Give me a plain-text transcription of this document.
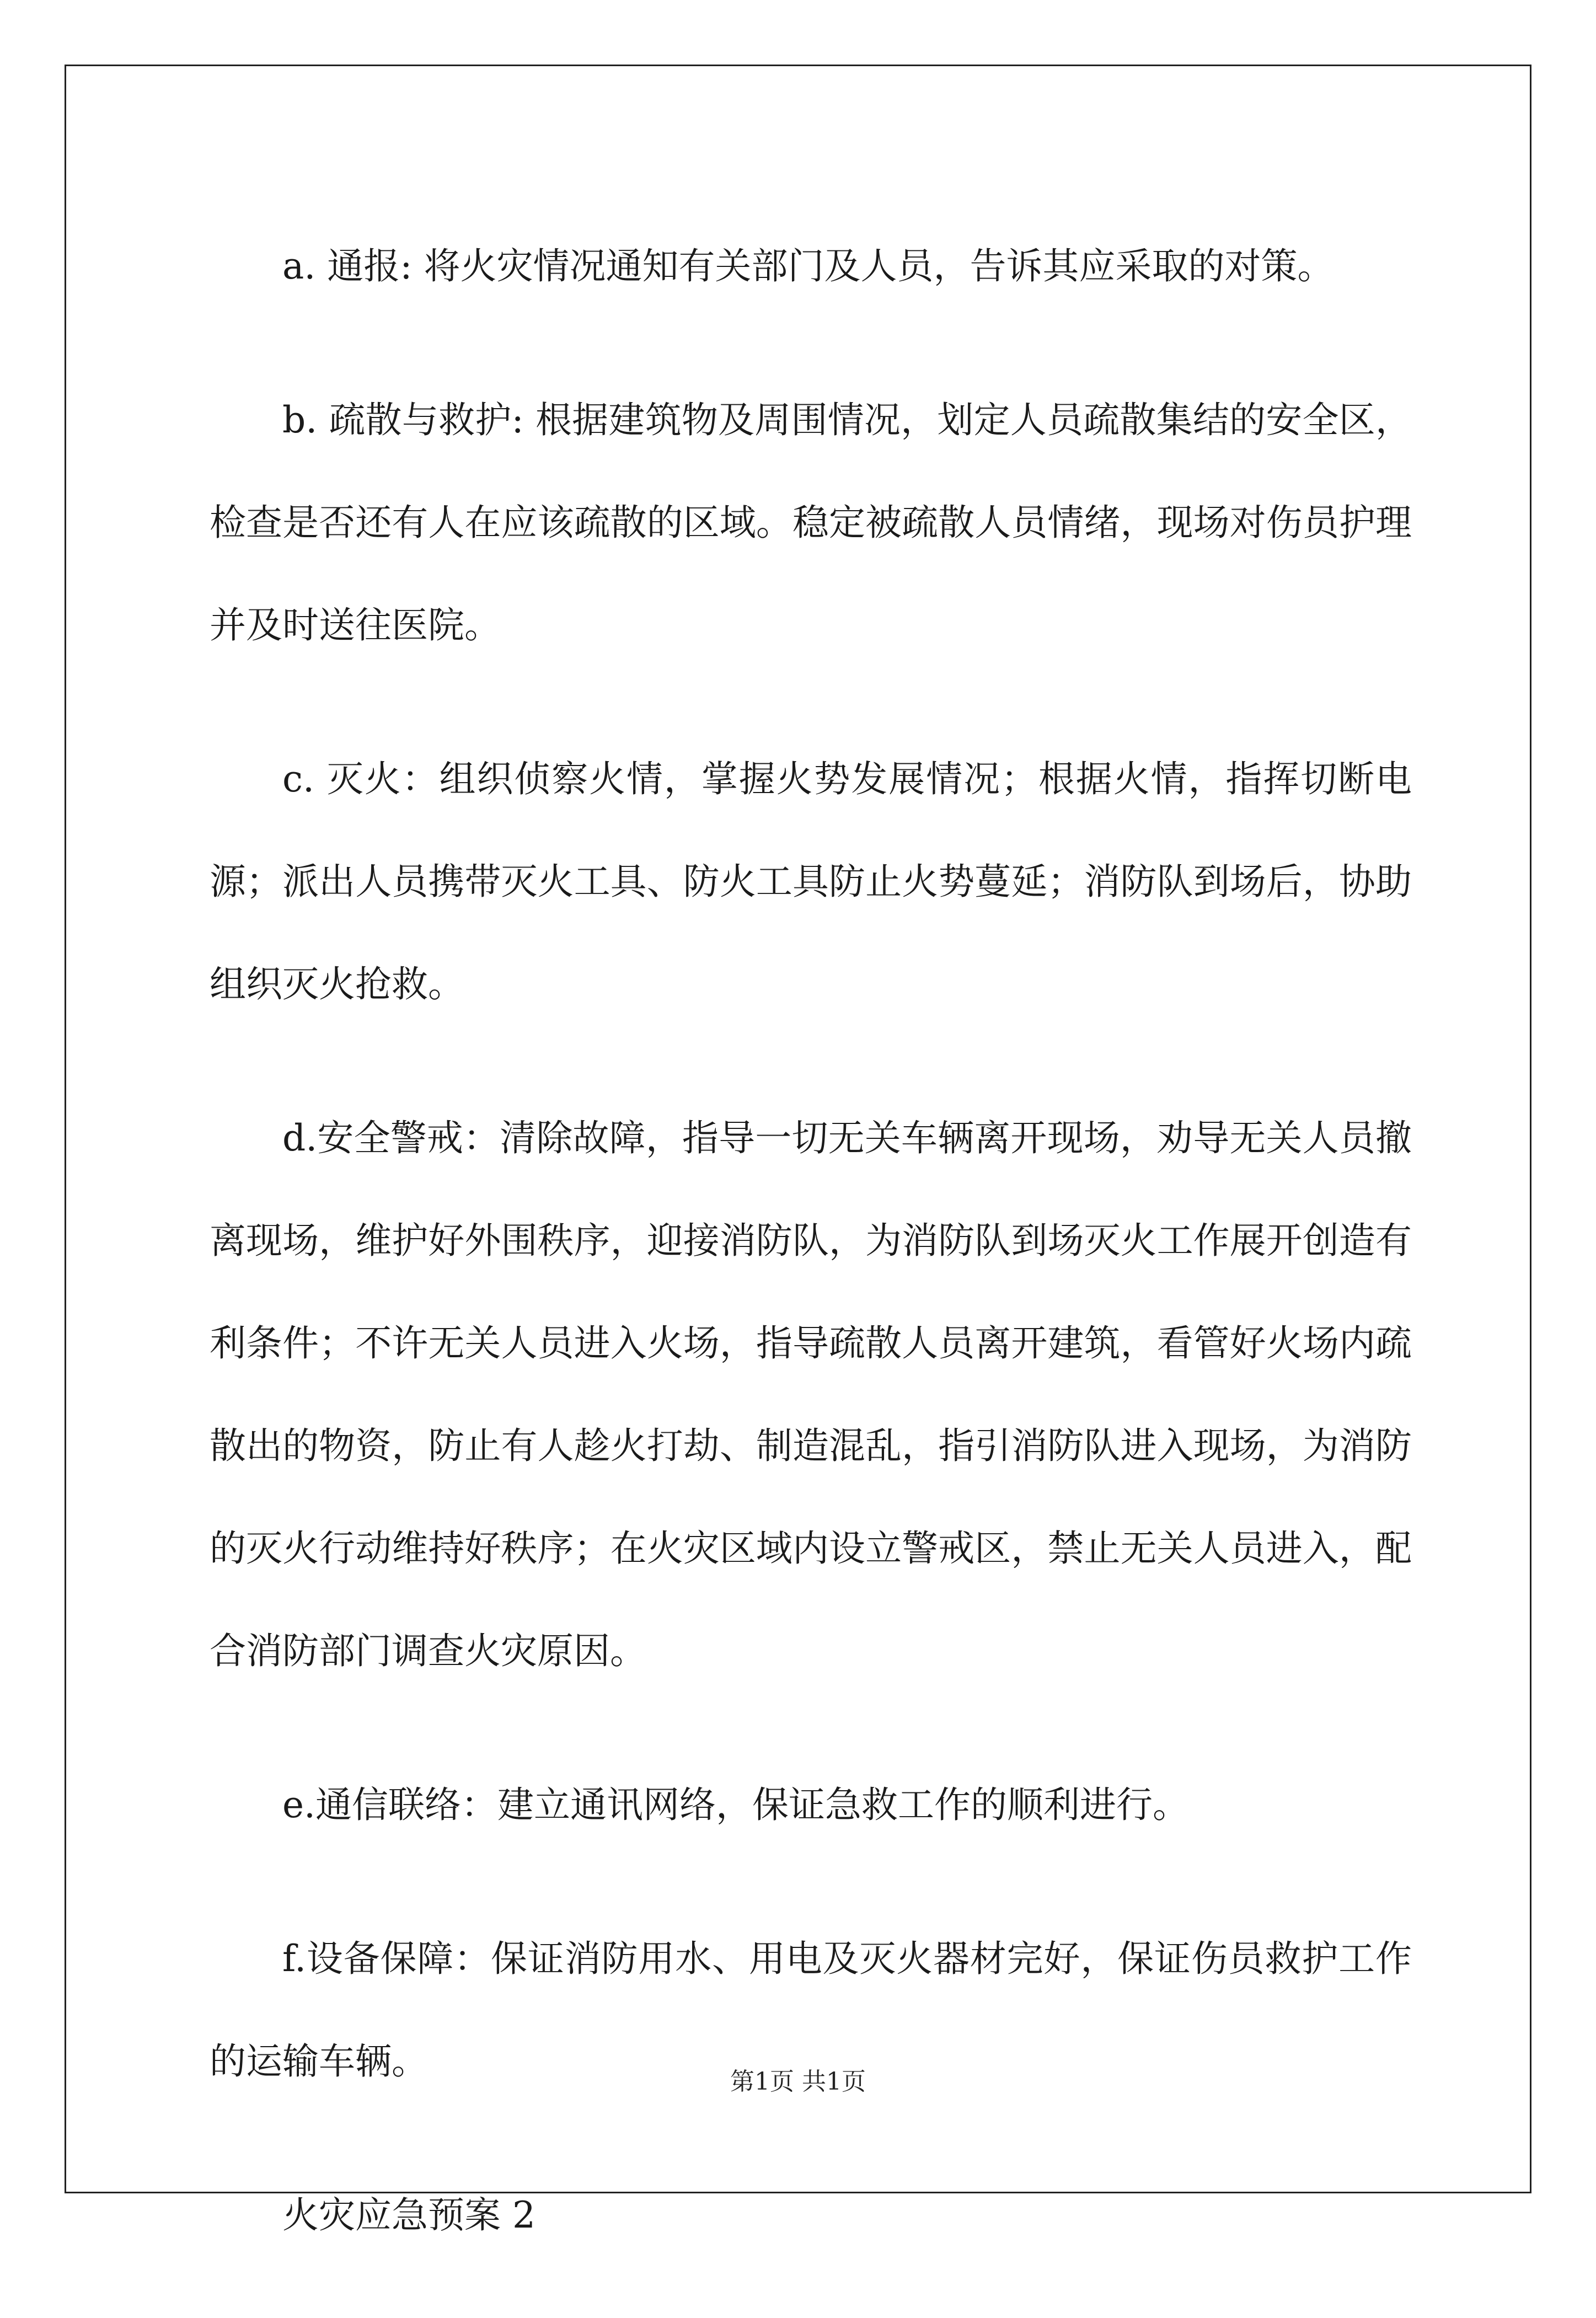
a. 通报: 将火灾情况通知有关部门及人员，告诉其应采取的对策。

b. 疏散与救护: 根据建筑物及周围情况，划定人员疏散集结的安全区，检查是否还有人在应该疏散的区域。稳定被疏散人员情绪，现场对伤员护理并及时送往医院。

c. 灭火：组织侦察火情，掌握火势发展情况；根据火情，指挥切断电源；派出人员携带灭火工具、防火工具防止火势蔓延；消防队到场后，协助组织灭火抢救。

d.安全警戒：清除故障，指导一切无关车辆离开现场，劝导无关人员撤离现场，维护好外围秩序，迎接消防队，为消防队到场灭火工作展开创造有利条件；不许无关人员进入火场，指导疏散人员离开建筑，看管好火场内疏散出的物资，防止有人趁火打劫、制造混乱，指引消防队进入现场，为消防的灭火行动维持好秩序；在火灾区域内设立警戒区，禁止无关人员进入，配合消防部门调查火灾原因。

e.通信联络：建立通讯网络，保证急救工作的顺利进行。

f.设备保障：保证消防用水、用电及灭火器材完好，保证伤员救护工作的运输车辆。

火灾应急预案 2

第1页 共1页
